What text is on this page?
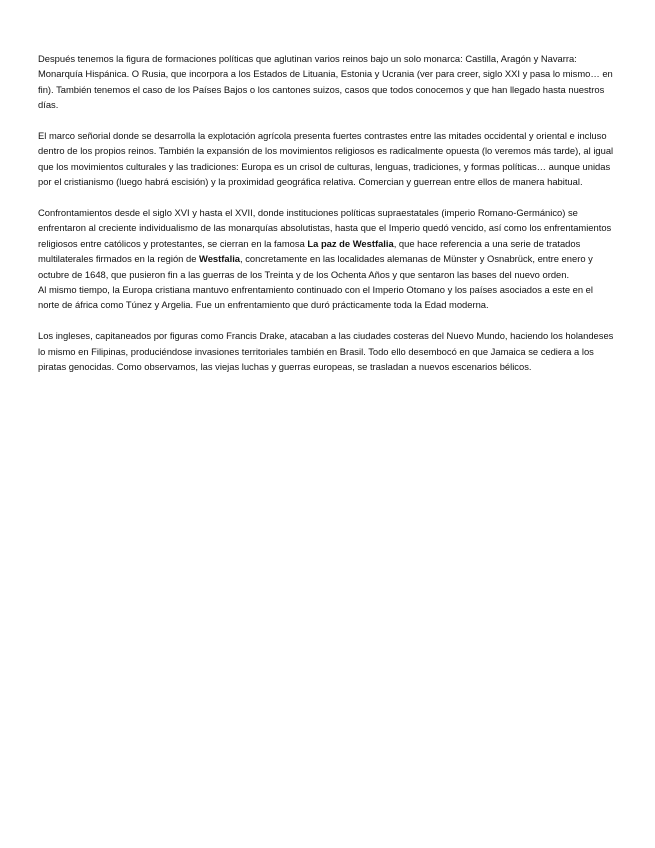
Después tenemos la figura de formaciones políticas que aglutinan varios reinos bajo un solo monarca: Castilla, Aragón y Navarra: Monarquía Hispánica. O Rusia, que incorpora a los Estados de Lituania, Estonia y Ucrania (ver para creer, siglo XXI y pasa lo mismo… en fin). También tenemos el caso de los Países Bajos o los cantones suizos, casos que todos conocemos y que han llegado hasta nuestros días.

El marco señorial donde se desarrolla la explotación agrícola presenta fuertes contrastes entre las mitades occidental y oriental e incluso dentro de los propios reinos. También la expansión de los movimientos religiosos es radicalmente opuesta (lo veremos más tarde), al igual que los movimientos culturales y las tradiciones: Europa es un crisol de culturas, lenguas, tradiciones, y formas políticas… aunque unidas por el cristianismo (luego habrá escisión) y la proximidad geográfica relativa. Comercian y guerrean entre ellos de manera habitual.

Confrontamientos desde el siglo XVI y hasta el XVII, donde instituciones políticas supraestatales (imperio Romano-Germánico) se enfrentaron al creciente individualismo de las monarquías absolutistas, hasta que el Imperio quedó vencido, así como los enfrentamientos religiosos entre católicos y protestantes, se cierran en la famosa La paz de Westfalia, que hace referencia a una serie de tratados multilaterales firmados en la región de Westfalia, concretamente en las localidades alemanas de Münster y Osnabrück, entre enero y octubre de 1648, que pusieron fin a las guerras de los Treinta y de los Ochenta Años y que sentaron las bases del nuevo orden.

Al mismo tiempo, la Europa cristiana mantuvo enfrentamiento continuado con el Imperio Otomano y los países asociados a este en el norte de áfrica como Túnez y Argelia. Fue un enfrentamiento que duró prácticamente toda la Edad moderna.

Los ingleses, capitaneados por figuras como Francis Drake, atacaban a las ciudades costeras del Nuevo Mundo, haciendo los holandeses lo mismo en Filipinas, produciéndose invasiones territoriales también en Brasil. Todo ello desembocó en que Jamaica se cediera a los piratas genocidas. Como observamos, las viejas luchas y guerras europeas, se trasladan a nuevos escenarios bélicos.
